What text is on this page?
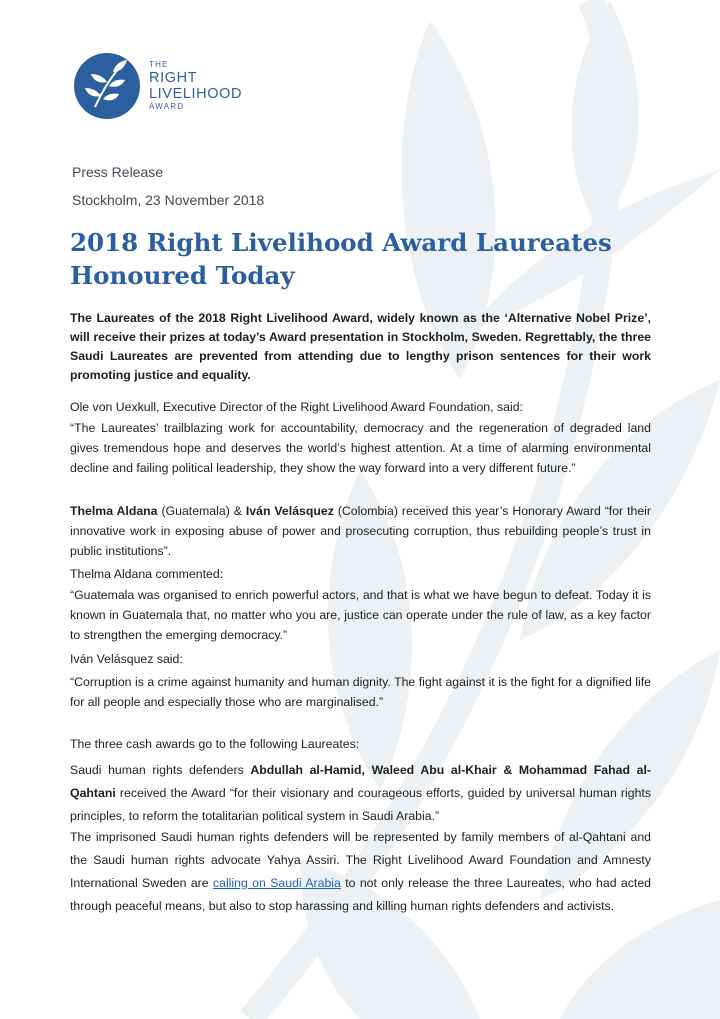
THE
RIGHT
LIVELIHOOD
AWARD
Press Release
Stockholm, 23 November 2018
2018 Right Livelihood Award Laureates Honoured Today

The Laureates of the 2018 Right Livelihood Award, widely known as the ‘Alternative Nobel Prize’, will receive their prizes at today’s Award presentation in Stockholm, Sweden. Regrettably, the three Saudi Laureates are prevented from attending due to lengthy prison sentences for their work promoting justice and equality.

Ole von Uexkull, Executive Director of the Right Livelihood Award Foundation, said:

“The Laureates’ trailblazing work for accountability, democracy and the regeneration of degraded land gives tremendous hope and deserves the world’s highest attention. At a time of alarming environmental decline and failing political leadership, they show the way forward into a very different future.”

Thelma Aldana (Guatemala) & Iván Velásquez (Colombia) received this year’s Honorary Award “for their innovative work in exposing abuse of power and prosecuting corruption, thus rebuilding people’s trust in public institutions”.

Thelma Aldana commented:

“Guatemala was organised to enrich powerful actors, and that is what we have begun to defeat. Today it is known in Guatemala that, no matter who you are, justice can operate under the rule of law, as a key factor to strengthen the emerging democracy.”

Iván Velásquez said:

“Corruption is a crime against humanity and human dignity. The fight against it is the fight for a dignified life for all people and especially those who are marginalised.”

The three cash awards go to the following Laureates:

Saudi human rights defenders Abdullah al-Hamid, Waleed Abu al-Khair & Mohammad Fahad al-Qahtani received the Award “for their visionary and courageous efforts, guided by universal human rights principles, to reform the totalitarian political system in Saudi Arabia.”

The imprisoned Saudi human rights defenders will be represented by family members of al-Qahtani and the Saudi human rights advocate Yahya Assiri. The Right Livelihood Award Foundation and Amnesty International Sweden are calling on Saudi Arabia to not only release the three Laureates, who had acted through peaceful means, but also to stop harassing and killing human rights defenders and activists.
